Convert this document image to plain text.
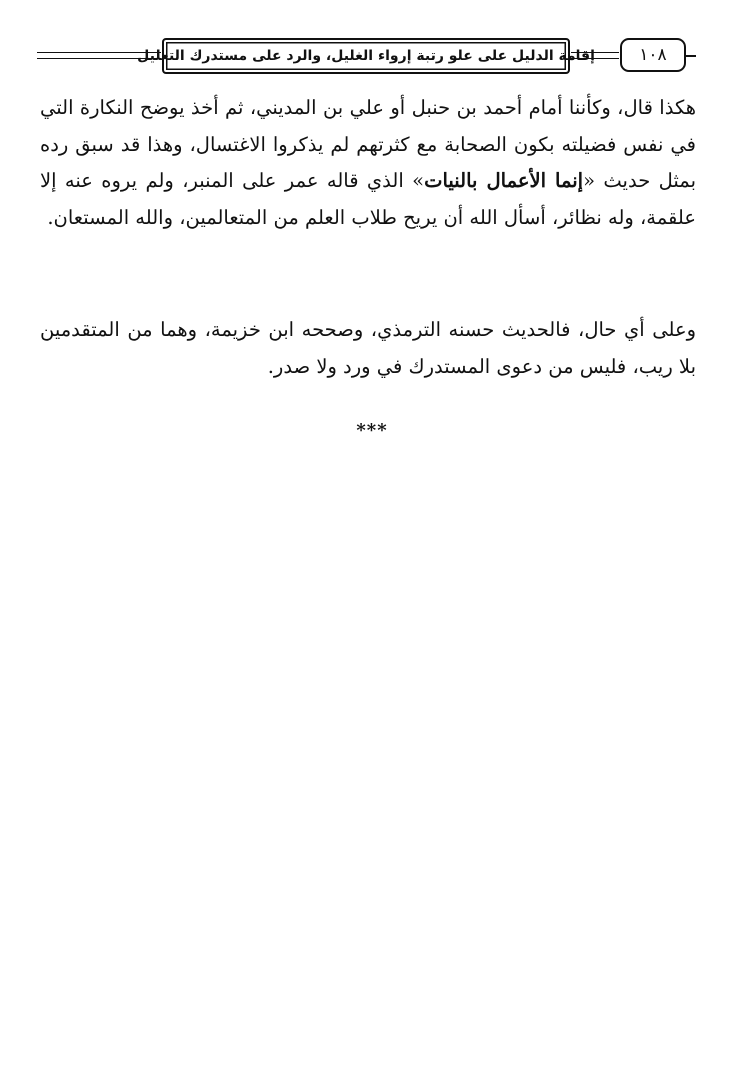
إقامة الدليل على علو رتبة إرواء الغليل، والرد على مستدرك التعليل	١٠٨
هكذا قال، وكأننا أمام أحمد بن حنبل أو علي بن المديني، ثم أخذ يوضح النكارة التي في نفس فضيلته بكون الصحابة مع كثرتهم لم يذكروا الاغتسال، وهذا قد سبق رده بمثل حديث «إنما الأعمال بالنيات» الذي قاله عمر على المنبر، ولم يروه عنه إلا علقمة، وله نظائر، أسأل الله أن يريح طلاب العلم من المتعالمين، والله المستعان.
وعلى أي حال، فالحديث حسنه الترمذي، وصححه ابن خزيمة، وهما من المتقدمين بلا ريب، فليس من دعوى المستدرك في ورد ولا صدر.
***
